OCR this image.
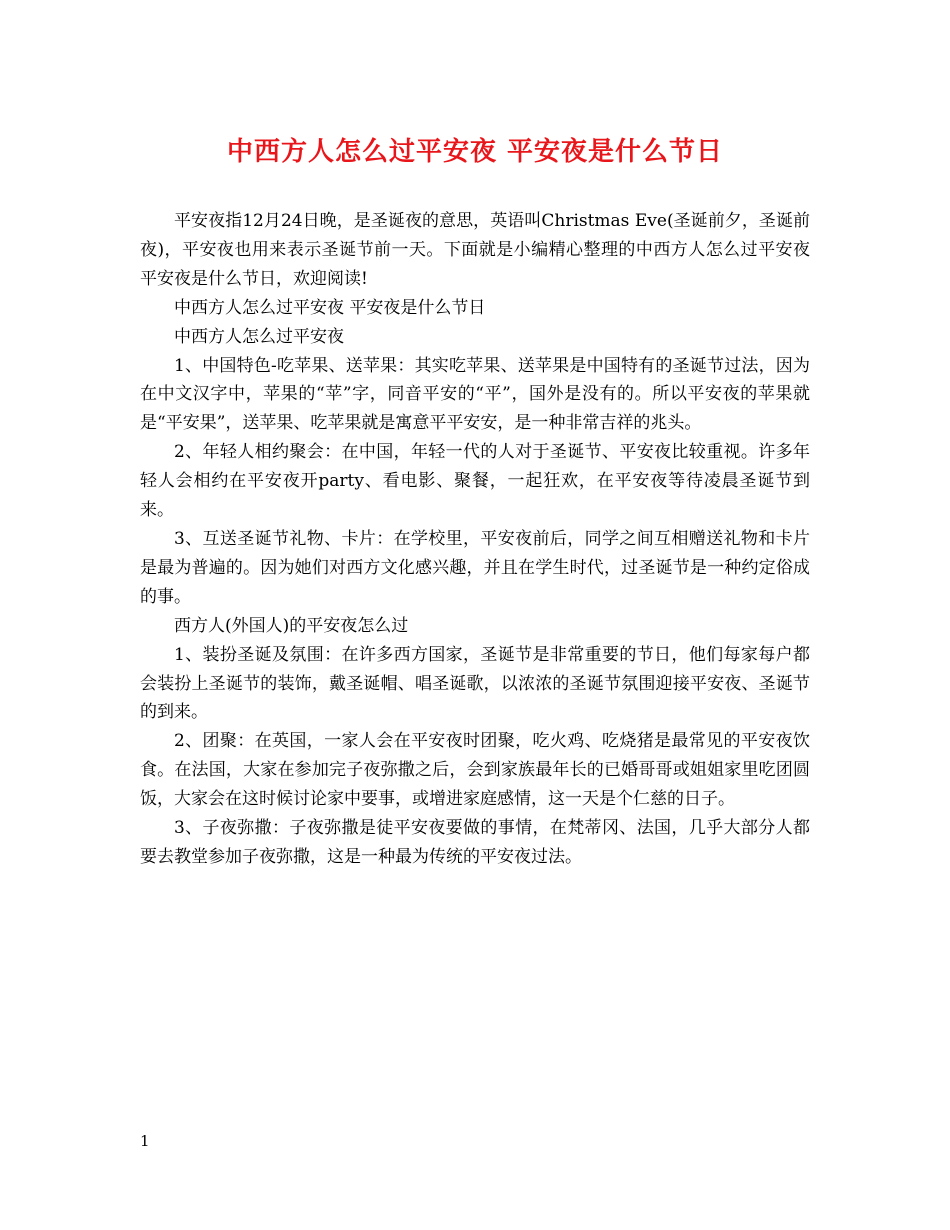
中西方人怎么过平安夜 平安夜是什么节日

平安夜指12月24日晚，是圣诞夜的意思，英语叫Christmas Eve(圣诞前夕，圣诞前夜)，平安夜也用来表示圣诞节前一天。下面就是小编精心整理的中西方人怎么过平安夜 平安夜是什么节日，欢迎阅读!

中西方人怎么过平安夜 平安夜是什么节日

中西方人怎么过平安夜

1、中国特色-吃苹果、送苹果：其实吃苹果、送苹果是中国特有的圣诞节过法，因为在中文汉字中，苹果的“苹”字，同音平安的“平”，国外是没有的。所以平安夜的苹果就是“平安果”，送苹果、吃苹果就是寓意平平安安，是一种非常吉祥的兆头。

2、年轻人相约聚会：在中国，年轻一代的人对于圣诞节、平安夜比较重视。许多年轻人会相约在平安夜开party、看电影、聚餐，一起狂欢，在平安夜等待凌晨圣诞节到来。

3、互送圣诞节礼物、卡片：在学校里，平安夜前后，同学之间互相赠送礼物和卡片是最为普遍的。因为她们对西方文化感兴趣，并且在学生时代，过圣诞节是一种约定俗成的事。

西方人(外国人)的平安夜怎么过

1、装扮圣诞及氛围：在许多西方国家，圣诞节是非常重要的节日，他们每家每户都会装扮上圣诞节的装饰，戴圣诞帽、唱圣诞歌，以浓浓的圣诞节氛围迎接平安夜、圣诞节的到来。

2、团聚：在英国，一家人会在平安夜时团聚，吃火鸡、吃烧猪是最常见的平安夜饮食。在法国，大家在参加完子夜弥撒之后，会到家族最年长的已婚哥哥或姐姐家里吃团圆饭，大家会在这时候讨论家中要事，或增进家庭感情，这一天是个仁慈的日子。

3、子夜弥撒：子夜弥撒是徒平安夜要做的事情，在梵蒂冈、法国，几乎大部分人都要去教堂参加子夜弥撒，这是一种最为传统的平安夜过法。

1
